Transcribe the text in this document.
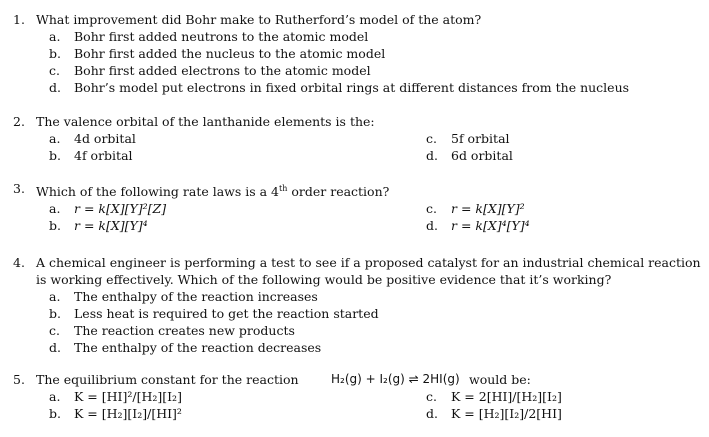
1. What improvement did Bohr make to Rutherford’s model of the atom?
a.	Bohr first added neutrons to the atomic model
b.	Bohr first added the nucleus to the atomic model
c.	Bohr first added electrons to the atomic model
d.	Bohr’s model put electrons in fixed orbital rings at different distances from the nucleus
2. The valence orbital of the lanthanide elements is the:
a.	4d orbital
b.	4f orbital
c.	5f orbital
d.	6d orbital
3. Which of the following rate laws is a 4th order reaction?
a.	r = k[X][Y]²[Z]
b.	r = k[X][Y]⁴
c.	r = k[X][Y]²
d.	r = k[X]⁴[Y]⁴
4. A chemical engineer is performing a test to see if a proposed catalyst for an industrial chemical reaction is working effectively. Which of the following would be positive evidence that it’s working?
a.	The enthalpy of the reaction increases
b.	Less heat is required to get the reaction started
c.	The reaction creates new products
d.	The enthalpy of the reaction decreases
5. The equilibrium constant for the reaction	H₂(g) + I₂(g) ⇌ 2HI(g) would be:
a.	K = [HI]²/[H₂][I₂]
b.	K = [H₂][I₂]/[HI]²
c.	K = 2[HI]/[H₂][I₂]
d.	K = [H₂][I₂]/2[HI]
